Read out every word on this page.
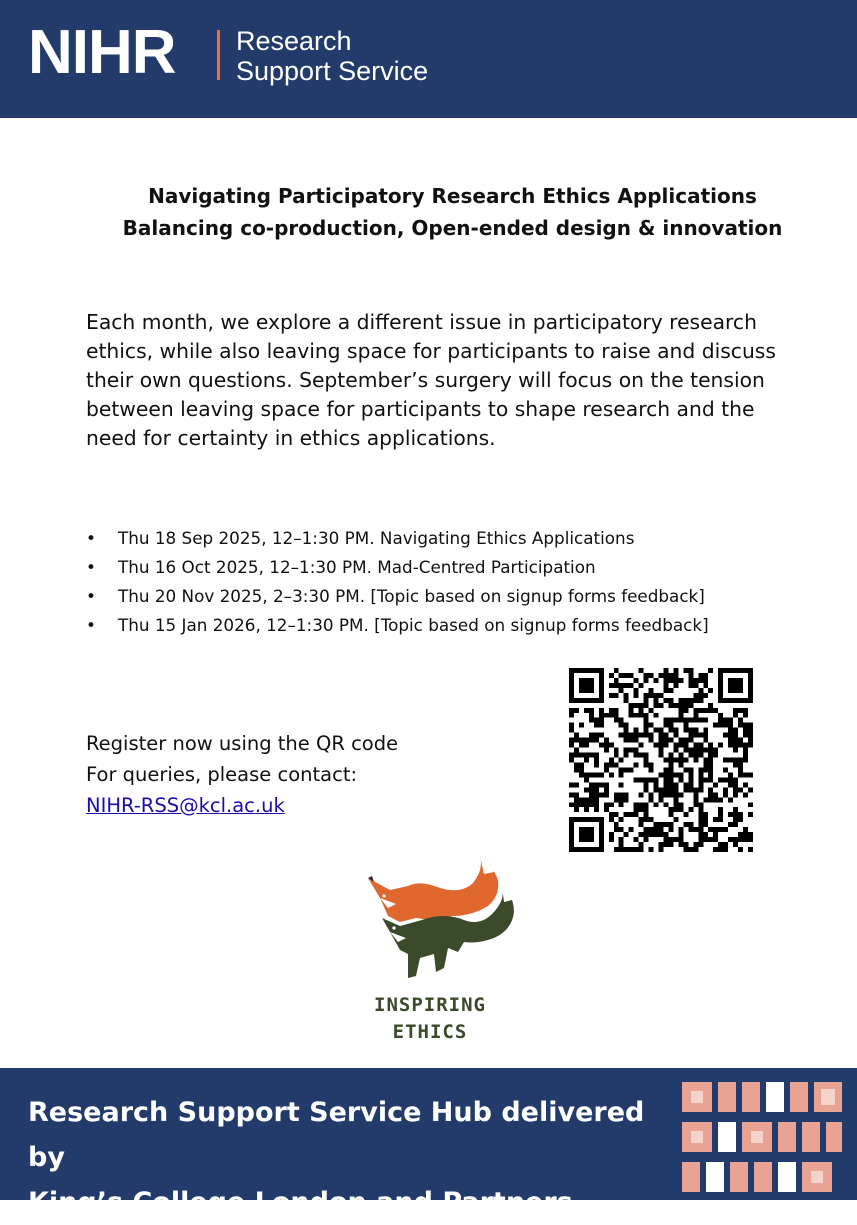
NIHR Research
Support Service
Navigating Participatory Research Ethics Applications
Balancing co-production, Open-ended design & innovation
Each month, we explore a different issue in participatory research ethics, while also leaving space for participants to raise and discuss their own questions. September’s surgery will focus on the tension between leaving space for participants to shape research and the need for certainty in ethics applications.
• Thu 18 Sep 2025, 12–1:30 PM. Navigating Ethics Applications
• Thu 16 Oct 2025, 12–1:30 PM. Mad-Centred Participation
• Thu 20 Nov 2025, 2–3:30 PM. [Topic based on signup forms feedback]
• Thu 15 Jan 2026, 12–1:30 PM. [Topic based on signup forms feedback]
Register now using the QR code
For queries, please contact:
NIHR-RSS@kcl.ac.uk
INSPIRING
ETHICS
Research Support Service Hub delivered by
King’s College London and Partners
